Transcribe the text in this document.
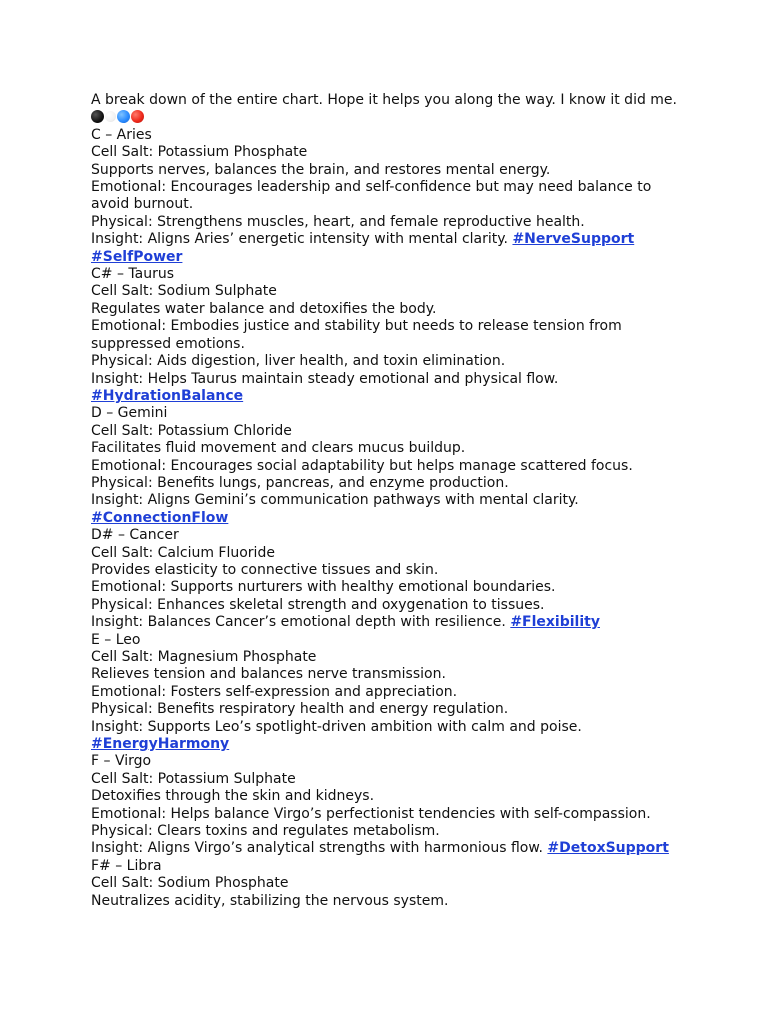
A break down of the entire chart. Hope it helps you along the way. I know it did me.
C – Aries
Cell Salt: Potassium Phosphate
Supports nerves, balances the brain, and restores mental energy.
Emotional: Encourages leadership and self-confidence but may need balance to avoid burnout.
Physical: Strengthens muscles, heart, and female reproductive health.
Insight: Aligns Aries’ energetic intensity with mental clarity. #NerveSupport #SelfPower
C# – Taurus
Cell Salt: Sodium Sulphate
Regulates water balance and detoxifies the body.
Emotional: Embodies justice and stability but needs to release tension from suppressed emotions.
Physical: Aids digestion, liver health, and toxin elimination.
Insight: Helps Taurus maintain steady emotional and physical flow. #HydrationBalance
D – Gemini
Cell Salt: Potassium Chloride
Facilitates fluid movement and clears mucus buildup.
Emotional: Encourages social adaptability but helps manage scattered focus.
Physical: Benefits lungs, pancreas, and enzyme production.
Insight: Aligns Gemini’s communication pathways with mental clarity. #ConnectionFlow
D# – Cancer
Cell Salt: Calcium Fluoride
Provides elasticity to connective tissues and skin.
Emotional: Supports nurturers with healthy emotional boundaries.
Physical: Enhances skeletal strength and oxygenation to tissues.
Insight: Balances Cancer’s emotional depth with resilience. #Flexibility
E – Leo
Cell Salt: Magnesium Phosphate
Relieves tension and balances nerve transmission.
Emotional: Fosters self-expression and appreciation.
Physical: Benefits respiratory health and energy regulation.
Insight: Supports Leo’s spotlight-driven ambition with calm and poise. #EnergyHarmony
F – Virgo
Cell Salt: Potassium Sulphate
Detoxifies through the skin and kidneys.
Emotional: Helps balance Virgo’s perfectionist tendencies with self-compassion.
Physical: Clears toxins and regulates metabolism.
Insight: Aligns Virgo’s analytical strengths with harmonious flow. #DetoxSupport
F# – Libra
Cell Salt: Sodium Phosphate
Neutralizes acidity, stabilizing the nervous system.
